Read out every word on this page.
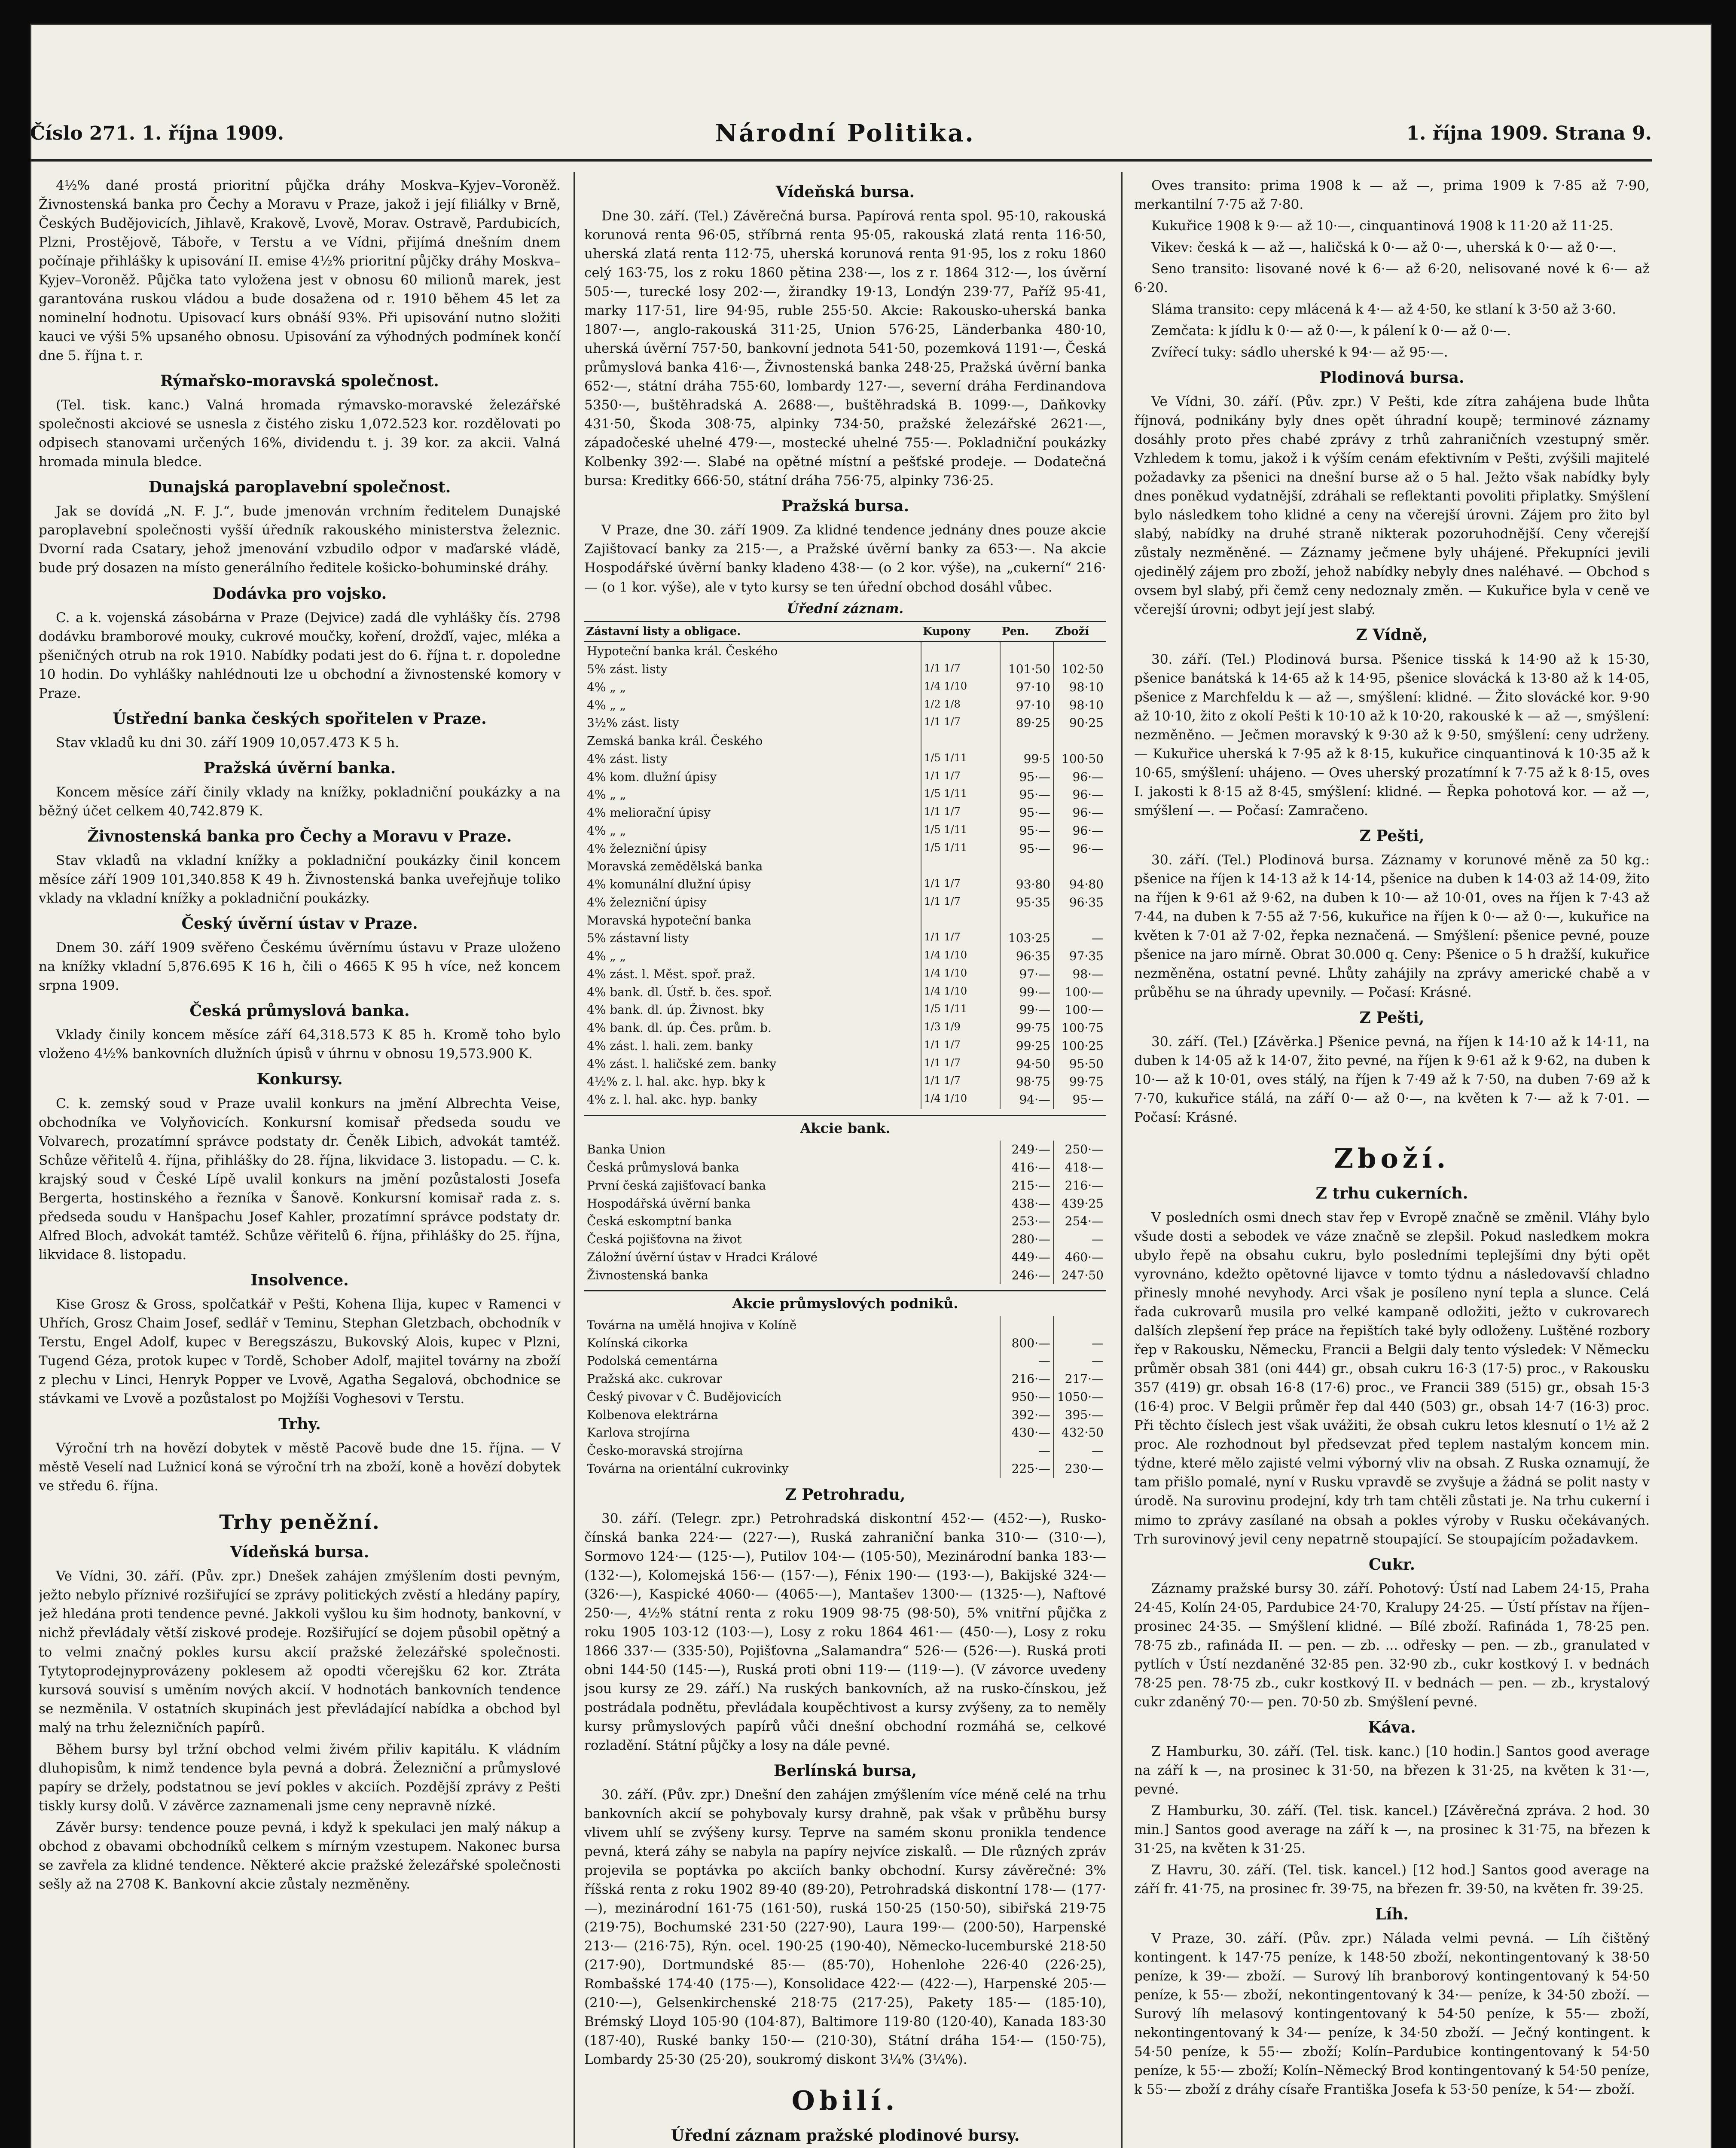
Číslo 271. 1. října 1909.	Národní Politika.	1. října 1909. Strana 9.

4½% dané prostá prioritní půjčka dráhy Moskva–Kyjev–Voroněž. Živnostenská banka pro Čechy a Moravu v Praze, jakož i její filiálky v Brně, Českých Budějovicích, Jihlavě, Krakově, Lvově, Morav. Ostravě, Pardubicích, Plzni, Prostějově, Táboře, v Terstu a ve Vídni, přijímá dnešním dnem počínaje přihlášky k upisování II. emise 4½% prioritní půjčky dráhy Moskva–Kyjev–Voroněž. Půjčka tato vyložena jest v obnosu 60 milionů marek, jest garantována ruskou vládou a bude dosažena od r. 1910 během 45 let za nominelní hodnotu. Upisovací kurs obnáší 93%. Při upisování nutno složiti kauci ve výši 5% upsaného obnosu. Upisování za výhodných podmínek končí dne 5. října t. r.

Rýmařsko-moravská společnost.

(Tel. tisk. kanc.) Valná hromada rýmavsko-moravské železářské společnosti akciové se usnesla z čistého zisku 1,072.523 kor. rozdělovati po odpisech stanovami určených 16%, dividendu t. j. 39 kor. za akcii. Valná hromada minula bledce.

Dunajská paroplavební společnost.

Jak se dovídá „N. F. J.“, bude jmenován vrchním ředitelem Dunajské paroplavební společnosti vyšší úředník rakouského ministerstva železnic. Dvorní rada Csatary, jehož jmenování vzbudilo odpor v maďarské vládě, bude prý dosazen na místo generálního ředitele košicko-bohuminské dráhy.

Dodávka pro vojsko.

C. a k. vojenská zásobárna v Praze (Dejvice) zadá dle vyhlášky čís. 2798 dodávku bramborové mouky, cukrové moučky, koření, drožďí, vajec, mléka a pšeničných otrub na rok 1910. Nabídky podati jest do 6. října t. r. dopoledne 10 hodin. Do vyhlášky nahlédnouti lze u obchodní a živnostenské komory v Praze.

Ústřední banka českých spořitelen v Praze.

Stav vkladů ku dni 30. září 1909 10,057.473 K 5 h.

Pražská úvěrní banka.

Koncem měsíce září činily vklady na knížky, pokladniční poukázky a na běžný účet celkem 40,742.879 K.

Živnostenská banka pro Čechy a Moravu v Praze.

Stav vkladů na vkladní knížky a pokladniční poukázky činil koncem měsíce září 1909 101,340.858 K 49 h. Živnostenská banka uveřejňuje toliko vklady na vkladní knížky a pokladniční poukázky.

Český úvěrní ústav v Praze.

Dnem 30. září 1909 svěřeno Českému úvěrnímu ústavu v Praze uloženo na knížky vkladní 5,876.695 K 16 h, čili o 4665 K 95 h více, než koncem srpna 1909.

Česká průmyslová banka.

Vklady činily koncem měsíce září 64,318.573 K 85 h. Kromě toho bylo vloženo 4½% bankovních dlužních úpisů v úhrnu v obnosu 19,573.900 K.

Konkursy.

C. k. zemský soud v Praze uvalil konkurs na jmění Albrechta Veise, obchodníka ve Volyňovicích. Konkursní komisař předseda soudu ve Volvarech, prozatímní správce podstaty dr. Čeněk Libich, advokát tamtéž. Schůze věřitelů 4. října, přihlášky do 28. října, likvidace 3. listopadu. — C. k. krajský soud v České Lípě uvalil konkurs na jmění pozůstalosti Josefa Bergerta, hostinského a řezníka v Šanově. Konkursní komisař rada z. s. předseda soudu v Hanšpachu Josef Kahler, prozatímní správce podstaty dr. Alfred Bloch, advokát tamtéž. Schůze věřitelů 6. října, přihlášky do 25. října, likvidace 8. listopadu.

Insolvence.

Kise Grosz & Gross, spolčatkář v Pešti, Kohena Ilija, kupec v Ramenci v Uhřích, Grosz Chaim Josef, sedlář v Teminu, Stephan Gletzbach, obchodník v Terstu, Engel Adolf, kupec v Beregszászu, Bukovský Alois, kupec v Plzni, Tugend Géza, protok kupec v Tordě, Schober Adolf, majitel továrny na zboží z plechu v Linci, Henryk Popper ve Lvově, Agatha Segalová, obchodnice se stávkami ve Lvově a pozůstalost po Mojžíši Voghesovi v Terstu.

Trhy.

Výroční trh na hovězí dobytek v městě Pacově bude dne 15. října. — V městě Veselí nad Lužnicí koná se výroční trh na zboží, koně a hovězí dobytek ve středu 6. října.

Trhy peněžní.
Vídeňská bursa.

Ve Vídni, 30. září. (Pův. zpr.) Dnešek zahájen zmýšlením dosti pevným, ježto nebylo příznivé rozšiřující se zprávy politických zvěstí a hledány papíry, jež hledána proti tendence pevné. Jakkoli vyšlou ku šim hodnoty, bankovní, v nichž převládaly větší ziskové prodeje. Rozšiřující se dojem působil opětný a to velmi značný pokles kursu akcií pražské železářské společnosti. Tytytoprodejnyprovázeny poklesem až opodti včerejšku 62 kor. Ztráta kursová souvisí s uměním nových akcií. V hodnotách bankovních tendence se nezměnila. V ostatních skupinách jest převládající nabídka a obchod byl malý na trhu železničních papírů.

Během bursy byl tržní obchod velmi živém přiliv kapitálu. K vládním dluhopisům, k nimž tendence byla pevná a dobrá. Železniční a průmyslové papíry se držely, podstatnou se jeví pokles v akciích. Pozdější zprávy z Pešti tiskly kursy dolů. V závěrce zaznamenali jsme ceny nepravně nízké.

Závěr bursy: tendence pouze pevná, i když k spekulaci jen malý nákup a obchod z obavami obchodníků celkem s mírným vzestupem. Nakonec bursa se zavřela za klidné tendence. Některé akcie pražské železářské společnosti sešly až na 2708 K. Bankovní akcie zůstaly nezměněny.

Vídeňská bursa.

Dne 30. září. (Tel.) Závěrečná bursa. Papírová renta spol. 95·10, rakouská korunová renta 96·05, stříbrná renta 95·05, rakouská zlatá renta 116·50, uherská zlatá renta 112·75, uherská korunová renta 91·95, los z roku 1860 celý 163·75, los z roku 1860 pětina 238·—, los z r. 1864 312·—, los úvěrní 505·—, turecké losy 202·—, žirandky 19·13, Londýn 239·77, Paříž 95·41, marky 117·51, lire 94·95, ruble 255·50. Akcie: Rakousko-uherská banka 1807·—, anglo-rakouská 311·25, Union 576·25, Länderbanka 480·10, uherská úvěrní 757·50, bankovní jednota 541·50, pozemková 1191·—, Česká průmyslová banka 416·—, Živnostenská banka 248·25, Pražská úvěrní banka 652·—, státní dráha 755·60, lombardy 127·—, severní dráha Ferdinandova 5350·—, buštěhradská A. 2688·—, buštěhradská B. 1099·—, Daňkovky 431·50, Škoda 308·75, alpinky 734·50, pražské železářské 2621·—, západočeské uhelné 479·—, mostecké uhelné 755·—. Pokladniční poukázky Kolbenky 392·—. Slabé na opětné místní a pešťské prodeje. — Dodatečná bursa: Kreditky 666·50, státní dráha 756·75, alpinky 736·25.

Pražská bursa.

V Praze, dne 30. září 1909. Za klidné tendence jednány dnes pouze akcie Zajištovací banky za 215·—, a Pražské úvěrní banky za 653·—. Na akcie Hospodářské úvěrní banky kladeno 438·— (o 2 kor. výše), na „cukerní“ 216·— (o 1 kor. výše), ale v tyto kursy se ten úřední obchod dosáhl vůbec.

Úřední záznam.
Zástavní listy a obligace.	Kupony	Pen.	Zboží
Hypoteční banka král. Českého			
5% zást. listy	1/1 1/7	101·50	102·50
4% „ „	1/4 1/10	97·10	98·10
4% „ „	1/2 1/8	97·10	98·10
3½% zást. listy	1/1 1/7	89·25	90·25
Zemská banka král. Českého			
4% zást. listy	1/5 1/11	99·5	100·50
4% kom. dlužní úpisy	1/1 1/7	95·—	96·—
4% „ „	1/5 1/11	95·—	96·—
4% meliorační úpisy	1/1 1/7	95·—	96·—
4% „ „	1/5 1/11	95·—	96·—
4% železniční úpisy	1/5 1/11	95·—	96·—
Moravská zemědělská banka			
4% komunální dlužní úpisy	1/1 1/7	93·80	94·80
4% železniční úpisy	1/1 1/7	95·35	96·35
Moravská hypoteční banka			
5% zástavní listy	1/1 1/7	103·25	—
4% „ „	1/4 1/10	96·35	97·35
4% zást. l. Měst. spoř. praž.	1/4 1/10	97·—	98·—
4% bank. dl. Ústř. b. čes. spoř.	1/4 1/10	99·—	100·—
4% bank. dl. úp. Živnost. bky	1/5 1/11	99·—	100·—
4% bank. dl. úp. Čes. prům. b.	1/3 1/9	99·75	100·75
4% zást. l. hali. zem. banky	1/1 1/7	99·25	100·25
4% zást. l. haličské zem. banky	1/1 1/7	94·50	95·50
4½% z. l. hal. akc. hyp. bky k	1/1 1/7	98·75	99·75
4% z. l. hal. akc. hyp. banky	1/4 1/10	94·—	95·—
Akcie bank.
Banka Union	249·—	250·—
Česká průmyslová banka	416·—	418·—
První česká zajišťovací banka	215·—	216·—
Hospodářská úvěrní banka	438·—	439·25
Česká eskomptní banka	253·—	254·—
Česká pojišťovna na život	280·—	—
Záložní úvěrní ústav v Hradci Králové	449·—	460·—
Živnostenská banka	246·—	247·50
Akcie průmyslových podniků.
Továrna na umělá hnojiva v Kolíně		
Kolínská cikorka	800·—	—
Podolská cementárna	—	—
Pražská akc. cukrovar	216·—	217·—
Český pivovar v Č. Budějovicích	950·—	1050·—
Kolbenova elektrárna	392·—	395·—
Karlova strojírna	430·—	432·50
Česko-moravská strojírna	—	—
Továrna na orientální cukrovinky	225·—	230·—
Z Petrohradu,

30. září. (Telegr. zpr.) Petrohradská diskontní 452·— (452·—), Rusko-čínská banka 224·— (227·—), Ruská zahraniční banka 310·— (310·—), Sormovo 124·— (125·—), Putilov 104·— (105·50), Mezinárodní banka 183·— (132·—), Kolomejská 156·— (157·—), Fénix 190·— (193·—), Bakijské 324·— (326·—), Kaspické 4060·— (4065·—), Mantašev 1300·— (1325·—), Naftové 250·—, 4½% státní renta z roku 1909 98·75 (98·50), 5% vnitřní půjčka z roku 1905 103·12 (103·—), Losy z roku 1864 461·— (450·—), Losy z roku 1866 337·— (335·50), Pojišťovna „Salamandra“ 526·— (526·—). Ruská proti obni 144·50 (145·—), Ruská proti obni 119·— (119·—). (V závorce uvedeny jsou kursy ze 29. září.) Na ruských bankovních, až na rusko-čínskou, jež postrádala podnětu, převládala koupěchtivost a kursy zvýšeny, za to neměly kursy průmyslových papírů vůči dnešní obchodní rozmáhá se, celkové rozladění. Státní půjčky a losy na dále pevné.

Berlínská bursa,

30. září. (Pův. zpr.) Dnešní den zahájen zmýšlením více méně celé na trhu bankovních akcií se pohybovaly kursy drahně, pak však v průběhu bursy vlivem uhlí se zvýšeny kursy. Teprve na samém skonu pronikla tendence pevná, která záhy se nabyla na papíry nejvíce ziskalů. — Dle různých zpráv projevila se poptávka po akciích banky obchodní. Kursy závěrečné: 3% říšská renta z roku 1902 89·40 (89·20), Petrohradská diskontní 178·— (177·—), mezinárodní 161·75 (161·50), ruská 150·25 (150·50), sibiřská 219·75 (219·75), Bochumské 231·50 (227·90), Laura 199·— (200·50), Harpenské 213·— (216·75), Rýn. ocel. 190·25 (190·40), Německo-lucemburské 218·50 (217·90), Dortmundské 85·— (85·70), Hohenlohe 226·40 (226·25), Rombašské 174·40 (175·—), Konsolidace 422·— (422·—), Harpenské 205·— (210·—), Gelsenkirchenské 218·75 (217·25), Pakety 185·— (185·10), Brémský Lloyd 105·90 (104·87), Baltimore 119·80 (120·40), Kanada 183·30 (187·40), Ruské banky 150·— (210·30), Státní dráha 154·— (150·75), Lombardy 25·30 (25·20), soukromý diskont 3¼% (3¼%).

Obilí.
Úřední záznam pražské plodinové bursy.

Oves transito: prima 1908 k — až —, prima 1909 k 7·85 až 7·90, merkantilní 7·75 až 7·80.

Kukuřice 1908 k 9·— až 10·—, cinquantinová 1908 k 11·20 až 11·25.

Vikev: česká k — až —, haličská k 0·— až 0·—, uherská k 0·— až 0·—.

Seno transito: lisované nové k 6·— až 6·20, nelisované nové k 6·— až 6·20.

Sláma transito: cepy mlácená k 4·— až 4·50, ke stlaní k 3·50 až 3·60.

Zemčata: k jídlu k 0·— až 0·—, k pálení k 0·— až 0·—.

Zvířecí tuky: sádlo uherské k 94·— až 95·—.

Plodinová bursa.

Ve Vídni, 30. září. (Pův. zpr.) V Pešti, kde zítra zahájena bude lhůta říjnová, podnikány byly dnes opět úhradní koupě; terminové záznamy dosáhly proto přes chabé zprávy z trhů zahraničních vzestupný směr. Vzhledem k tomu, jakož i k výším cenám efektivním v Pešti, zvýšili majitelé požadavky za pšenici na dnešní burse až o 5 hal. Ježto však nabídky byly dnes poněkud vydatnější, zdráhali se reflektanti povoliti připlatky. Smýšlení bylo následkem toho klidné a ceny na včerejší úrovni. Zájem pro žito byl slabý, nabídky na druhé straně nikterak pozoruhodnější. Ceny včerejší zůstaly nezměněné. — Záznamy ječmene byly uhájené. Překupníci jevili ojedinělý zájem pro zboží, jehož nabídky nebyly dnes naléhavé. — Obchod s ovsem byl slabý, při čemž ceny nedoznaly změn. — Kukuřice byla v ceně ve včerejší úrovni; odbyt její jest slabý.

Z Vídně,

30. září. (Tel.) Plodinová bursa. Pšenice tisská k 14·90 až k 15·30, pšenice banátská k 14·65 až k 14·95, pšenice slovácká k 13·80 až k 14·05, pšenice z Marchfeldu k — až —, smýšlení: klidné. — Žito slovácké kor. 9·90 až 10·10, žito z okolí Pešti k 10·10 až k 10·20, rakouské k — až —, smýšlení: nezměněno. — Ječmen moravský k 9·30 až k 9·50, smýšlení: ceny udrženy. — Kukuřice uherská k 7·95 až k 8·15, kukuřice cinquantinová k 10·35 až k 10·65, smýšlení: uhájeno. — Oves uherský prozatímní k 7·75 až k 8·15, oves I. jakosti k 8·15 až 8·45, smýšlení: klidné. — Řepka pohotová kor. — až —, smýšlení —. — Počasí: Zamračeno.

Z Pešti,

30. září. (Tel.) Plodinová bursa. Záznamy v korunové měně za 50 kg.: pšenice na říjen k 14·13 až k 14·14, pšenice na duben k 14·03 až 14·09, žito na říjen k 9·61 až 9·62, na duben k 10·— až 10·01, oves na říjen k 7·43 až 7·44, na duben k 7·55 až 7·56, kukuřice na říjen k 0·— až 0·—, kukuřice na květen k 7·01 až 7·02, řepka neznačená. — Smýšlení: pšenice pevné, pouze pšenice na jaro mírně. Obrat 30.000 q. Ceny: Pšenice o 5 h dražší, kukuřice nezměněna, ostatní pevné. Lhůty zahájily na zprávy americké chabě a v průběhu se na úhrady upevnily. — Počasí: Krásné.

Z Pešti,

30. září. (Tel.) [Závěrka.] Pšenice pevná, na říjen k 14·10 až k 14·11, na duben k 14·05 až k 14·07, žito pevné, na říjen k 9·61 až k 9·62, na duben k 10·— až k 10·01, oves stálý, na říjen k 7·49 až k 7·50, na duben 7·69 až k 7·70, kukuřice stálá, na září 0·— až 0·—, na květen k 7·— až k 7·01. — Počasí: Krásné.

Zboží.
Z trhu cukerních.

V posledních osmi dnech stav řep v Evropě značně se změnil. Vláhy bylo všude dosti a sebodek ve váze značně se zlepšil. Pokud nasledkem mokra ubylo řepě na obsahu cukru, bylo posledními teplejšími dny býti opět vyrovnáno, kdežto opětovné lijavce v tomto týdnu a následovavší chladno přinesly mnohé nevyhody. Arci však je posíleno nyní tepla a slunce. Celá řada cukrovarů musila pro velké kampaně odložiti, ježto v cukrovarech dalších zlepšení řep práce na řepištích také byly odloženy. Luštěné rozbory řep v Rakousku, Německu, Francii a Belgii daly tento výsledek: V Německu průměr obsah 381 (oni 444) gr., obsah cukru 16·3 (17·5) proc., v Rakousku 357 (419) gr. obsah 16·8 (17·6) proc., ve Francii 389 (515) gr., obsah 15·3 (16·4) proc. V Belgii průměr řep dal 440 (503) gr., obsah 14·7 (16·3) proc. Při těchto číslech jest však uvážiti, že obsah cukru letos klesnutí o 1½ až 2 proc. Ale rozhodnout byl předsevzat před teplem nastalým koncem min. týdne, které mělo zajisté velmi výborný vliv na obsah. Z Ruska oznamují, že tam přišlo pomalé, nyní v Rusku vpravdě se zvyšuje a žádná se polit nasty v úrodě. Na surovinu prodejní, kdy trh tam chtěli zůstati je. Na trhu cukerní i mimo to zprávy zasílané na obsah a pokles výroby v Rusku očekávaných. Trh surovinový jevil ceny nepatrně stoupající. Se stoupajícím požadavkem.

Cukr.

Záznamy pražské bursy 30. září. Pohotový: Ústí nad Labem 24·15, Praha 24·45, Kolín 24·05, Pardubice 24·70, Kralupy 24·25. — Ústí přístav na říjen–prosinec 24·35. — Smýšlení klidné. — Bílé zboží. Rafináda 1, 78·25 pen. 78·75 zb., rafináda II. — pen. — zb. ... odřesky — pen. — zb., granulated v pytlích v Ústí nezdaněné 32·85 pen. 32·90 zb., cukr kostkový I. v bednách 78·25 pen. 78·75 zb., cukr kostkový II. v bednách — pen. — zb., krystalový cukr zdaněný 70·— pen. 70·50 zb. Smýšlení pevné.

Káva.

Z Hamburku, 30. září. (Tel. tisk. kanc.) [10 hodin.] Santos good average na září k —, na prosinec k 31·50, na březen k 31·25, na květen k 31·—, pevné.

Z Hamburku, 30. září. (Tel. tisk. kancel.) [Závěrečná zpráva. 2 hod. 30 min.] Santos good average na září k —, na prosinec k 31·75, na březen k 31·25, na květen k 31·25.

Z Havru, 30. září. (Tel. tisk. kancel.) [12 hod.] Santos good average na září fr. 41·75, na prosinec fr. 39·75, na březen fr. 39·50, na květen fr. 39·25.

Líh.

V Praze, 30. září. (Pův. zpr.) Nálada velmi pevná. — Líh čištěný kontingent. k 147·75 peníze, k 148·50 zboží, nekontingentovaný k 38·50 peníze, k 39·— zboží. — Surový líh branborový kontingentovaný k 54·50 peníze, k 55·— zboží, nekontingentovaný k 34·— peníze, k 34·50 zboží. — Surový líh melasový kontingentovaný k 54·50 peníze, k 55·— zboží, nekontingentovaný k 34·— peníze, k 34·50 zboží. — Ječný kontingent. k 54·50 peníze, k 55·— zboží; Kolín–Pardubice kontingentovaný k 54·50 peníze, k 55·— zboží; Kolín–Německý Brod kontingentovaný k 54·50 peníze, k 55·— zboží z dráhy císaře Františka Josefa k 53·50 peníze, k 54·— zboží.
